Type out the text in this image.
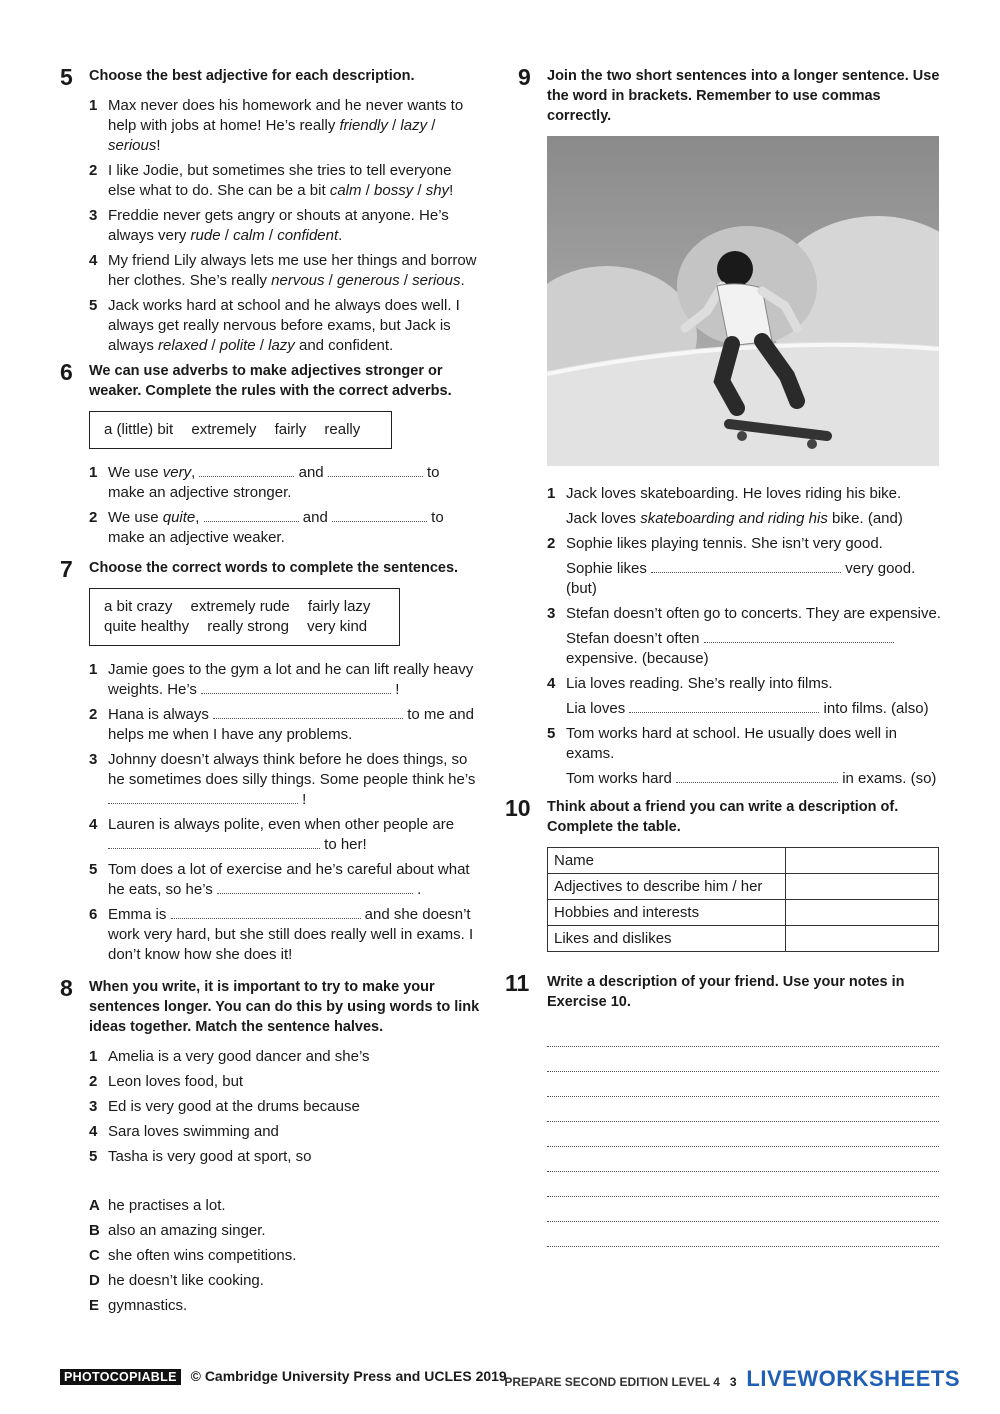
5 Choose the best adjective for each description.
1 Max never does his homework and he never wants to help with jobs at home! He’s really friendly / lazy / serious!
2 I like Jodie, but sometimes she tries to tell everyone else what to do. She can be a bit calm / bossy / shy!
3 Freddie never gets angry or shouts at anyone. He’s always very rude / calm / confident.
4 My friend Lily always lets me use her things and borrow her clothes. She’s really nervous / generous / serious.
5 Jack works hard at school and he always does well. I always get really nervous before exams, but Jack is always relaxed / polite / lazy and confident.
6 We can use adverbs to make adjectives stronger or weaker. Complete the rules with the correct adverbs.
a (little) bit extremely fairly really
1 We use very,	and	to
make an adjective stronger.
2 We use quite,	and	to
make an adjective weaker.
7 Choose the correct words to complete the sentences.
a bit crazy extremely rude fairly lazy
quite healthy really strong very kind
1 Jamie goes to the gym a lot and he can lift really heavy weights. He’s	!
2 Hana is always	to me and helps me when I have any problems.
3 Johnny doesn’t always think before he does things, so he sometimes does silly things. Some people think he’s  !
4 Lauren is always polite, even when other people are  to her!
5 Tom does a lot of exercise and he’s careful about what he eats, so he’s	.
6 Emma is	and she doesn’t work very hard, but she still does really well in exams. I don’t know how she does it!
8 When you write, it is important to try to make your sentences longer. You can do this by using words to link ideas together. Match the sentence halves.
1 Amelia is a very good dancer and she’s
2 Leon loves food, but
3 Ed is very good at the drums because
4 Sara loves swimming and
5 Tasha is very good at sport, so
A he practises a lot.
B also an amazing singer.
C she often wins competitions.
D he doesn’t like cooking.
E gymnastics.
9 Join the two short sentences into a longer sentence. Use the word in brackets. Remember to use commas correctly.
1 Jack loves skateboarding. He loves riding his bike.
Jack loves skateboarding and riding his bike. (and)
2 Sophie likes playing tennis. She isn’t very good.
Sophie likes	very good. (but)
3 Stefan doesn’t often go to concerts. They are expensive.
Stefan doesn’t often  expensive. (because)
4 Lia loves reading. She’s really into films.
Lia loves	into films. (also)
5 Tom works hard at school. He usually does well in exams.
Tom works hard	in exams. (so)
10 Think about a friend you can write a description of. Complete the table.
Name	
Adjectives to describe him / her	
Hobbies and interests	
Likes and dislikes	
11 Write a description of your friend. Use your notes in Exercise 10.
PHOTOCOPIABLE © Cambridge University Press and UCLES 2019
PREPARE SECOND EDITION LEVEL 4 3 LIVEWORKSHEETS
